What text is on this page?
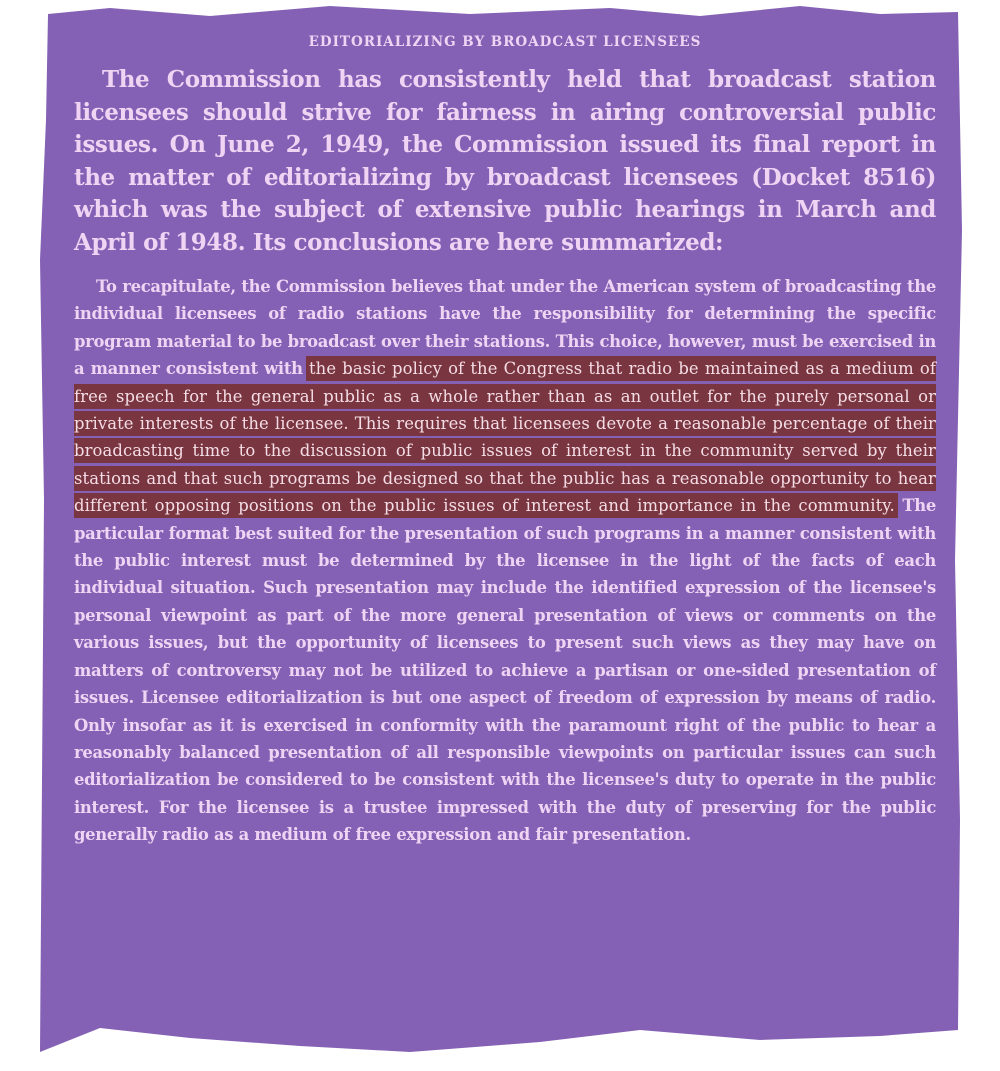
EDITORIALIZING BY BROADCAST LICENSEES

The Commission has consistently held that broadcast station licensees should strive for fairness in airing controversial public issues. On June 2, 1949, the Commission issued its final report in the matter of editorializing by broadcast licensees (Docket 8516) which was the subject of extensive public hearings in March and April of 1948. Its conclusions are here summarized:

To recapitulate, the Commission believes that under the American system of broadcasting the individual licensees of radio stations have the responsibility for determining the specific program material to be broadcast over their stations. This choice, however, must be exercised in a manner consistent with the basic policy of the Congress that radio be maintained as a medium of free speech for the general public as a whole rather than as an outlet for the purely personal or private interests of the licensee. This requires that licensees devote a reasonable percentage of their broadcasting time to the discussion of public issues of interest in the community served by their stations and that such programs be designed so that the public has a reasonable opportunity to hear different opposing positions on the public issues of interest and importance in the community. The particular format best suited for the presentation of such programs in a manner consistent with the public interest must be determined by the licensee in the light of the facts of each individual situation. Such presentation may include the identified expression of the licensee's personal viewpoint as part of the more general presentation of views or comments on the various issues, but the opportunity of licensees to present such views as they may have on matters of controversy may not be utilized to achieve a partisan or one-sided presentation of issues. Licensee editorialization is but one aspect of freedom of expression by means of radio. Only insofar as it is exercised in conformity with the paramount right of the public to hear a reasonably balanced presentation of all responsible viewpoints on particular issues can such editorialization be considered to be consistent with the licensee's duty to operate in the public interest. For the licensee is a trustee impressed with the duty of preserving for the public generally radio as a medium of free expression and fair presentation.
